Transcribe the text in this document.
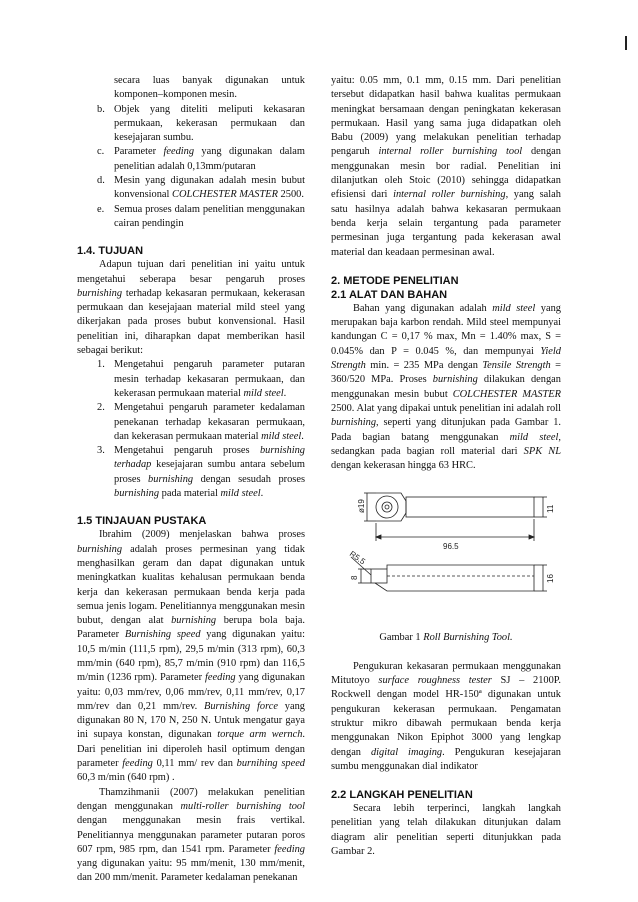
secara luas banyak digunakan untuk komponen–komponen mesin.
b. Objek yang diteliti meliputi kekasaran permukaan, kekerasan permukaan dan kesejajaran sumbu.
c. Parameter feeding yang digunakan dalam penelitian adalah 0,13mm/putaran
d. Mesin yang digunakan adalah mesin bubut konvensional COLCHESTER MASTER 2500.
e. Semua proses dalam penelitian menggunakan cairan pendingin
1.4. TUJUAN

Adapun tujuan dari penelitian ini yaitu untuk mengetahui seberapa besar pengaruh proses burnishing terhadap kekasaran permukaan, kekerasan permukaan dan kesejajaan material mild steel yang dikerjakan pada proses bubut konvensional. Hasil penelitian ini, diharapkan dapat memberikan hasil sebagai berikut:

1. Mengetahui pengaruh parameter putaran mesin terhadap kekasaran permukaan, dan kekerasan permukaan material mild steel.
2. Mengetahui pengaruh parameter kedalaman penekanan terhadap kekasaran permukaan, dan kekerasan permukaan material mild steel.
3. Mengetahui pengaruh proses burnishing terhadap kesejajaran sumbu antara sebelum proses burnishing dengan sesudah proses burnishing pada material mild steel.
1.5 TINJAUAN PUSTAKA

Ibrahim (2009) menjelaskan bahwa proses burnishing adalah proses permesinan yang tidak menghasilkan geram dan dapat digunakan untuk meningkatkan kualitas kehalusan permukaan benda kerja dan kekerasan permukaan benda kerja pada semua jenis logam. Penelitiannya menggunakan mesin bubut, dengan alat burnishing berupa bola baja. Parameter Burnishing speed yang digunakan yaitu: 10,5 m/min (111,5 rpm), 29,5 m/min (313 rpm), 60,3 mm/min (640 rpm), 85,7 m/min (910 rpm) dan 116,5 m/min (1236 rpm). Parameter feeding yang digunakan yaitu: 0,03 mm/rev, 0,06 mm/rev, 0,11 mm/rev, 0,17 mm/rev dan 0,21 mm/rev. Burnishing force yang digunakan 80 N, 170 N, 250 N. Untuk mengatur gaya ini supaya konstan, digunakan torque arm wernch. Dari penelitian ini diperoleh hasil optimum dengan parameter feeding 0,11 mm/ rev dan burnihing speed 60,3 m/min (640 rpm) .

Thamzihmanii (2007) melakukan penelitian dengan menggunakan multi-roller burnishing tool dengan menggunakan mesin frais vertikal. Penelitiannya menggunakan parameter putaran poros 607 rpm, 985 rpm, dan 1541 rpm. Parameter feeding yang digunakan yaitu: 95 mm/menit, 130 mm/menit, dan 200 mm/menit. Parameter kedalaman penekanan

yaitu: 0.05 mm, 0.1 mm, 0.15 mm. Dari penelitian tersebut didapatkan hasil bahwa kualitas permukaan meningkat bersamaan dengan peningkatan kekerasan permukaan. Hasil yang sama juga didapatkan oleh Babu (2009) yang melakukan penelitian terhadap pengaruh internal roller burnishing tool dengan menggunakan mesin bor radial. Penelitian ini dilanjutkan oleh Stoic (2010) sehingga didapatkan efisiensi dari internal roller burnishing, yang salah satu hasilnya adalah bahwa kekasaran permukaan benda kerja selain tergantung pada parameter permesinan juga tergantung pada kekerasan awal material dan keadaan permesinan awal.

2. METODE PENELITIAN
2.1 ALAT DAN BAHAN

Bahan yang digunakan adalah mild steel yang merupakan baja karbon rendah. Mild steel mempunyai kandungan C = 0,17 % max, Mn = 1.40% max, S = 0.045% dan P = 0.045 %, dan mempunyai Yield Strength min. = 235 MPa dengan Tensile Strength = 360/520 MPa. Proses burnishing dilakukan dengan menggunakan mesin bubut COLCHESTER MASTER 2500. Alat yang dipakai untuk penelitian ini adalah roll burnishing, seperti yang ditunjukan pada Gambar 1. Pada bagian batang menggunakan mild steel, sedangkan pada bagian roll material dari SPK NL dengan kekerasan hingga 63 HRC.

ø19	11
96.5
R5.5
8	16

Gambar 1 Roll Burnishing Tool.

Pengukuran kekasaran permukaan menggunakan Mitutoyo surface roughness tester SJ – 2100P. Rockwell dengan model HR-150ª digunakan untuk pengukuran kekerasan permukaan. Pengamatan struktur mikro dibawah permukaan benda kerja menggunakan Nikon Epiphot 3000 yang lengkap dengan digital imaging. Pengukuran kesejajaran sumbu menggunakan dial indikator

2.2 LANGKAH PENELITIAN

Secara lebih terperinci, langkah langkah penelitian yang telah dilakukan ditunjukan dalam diagram alir penelitian seperti ditunjukkan pada Gambar 2.
